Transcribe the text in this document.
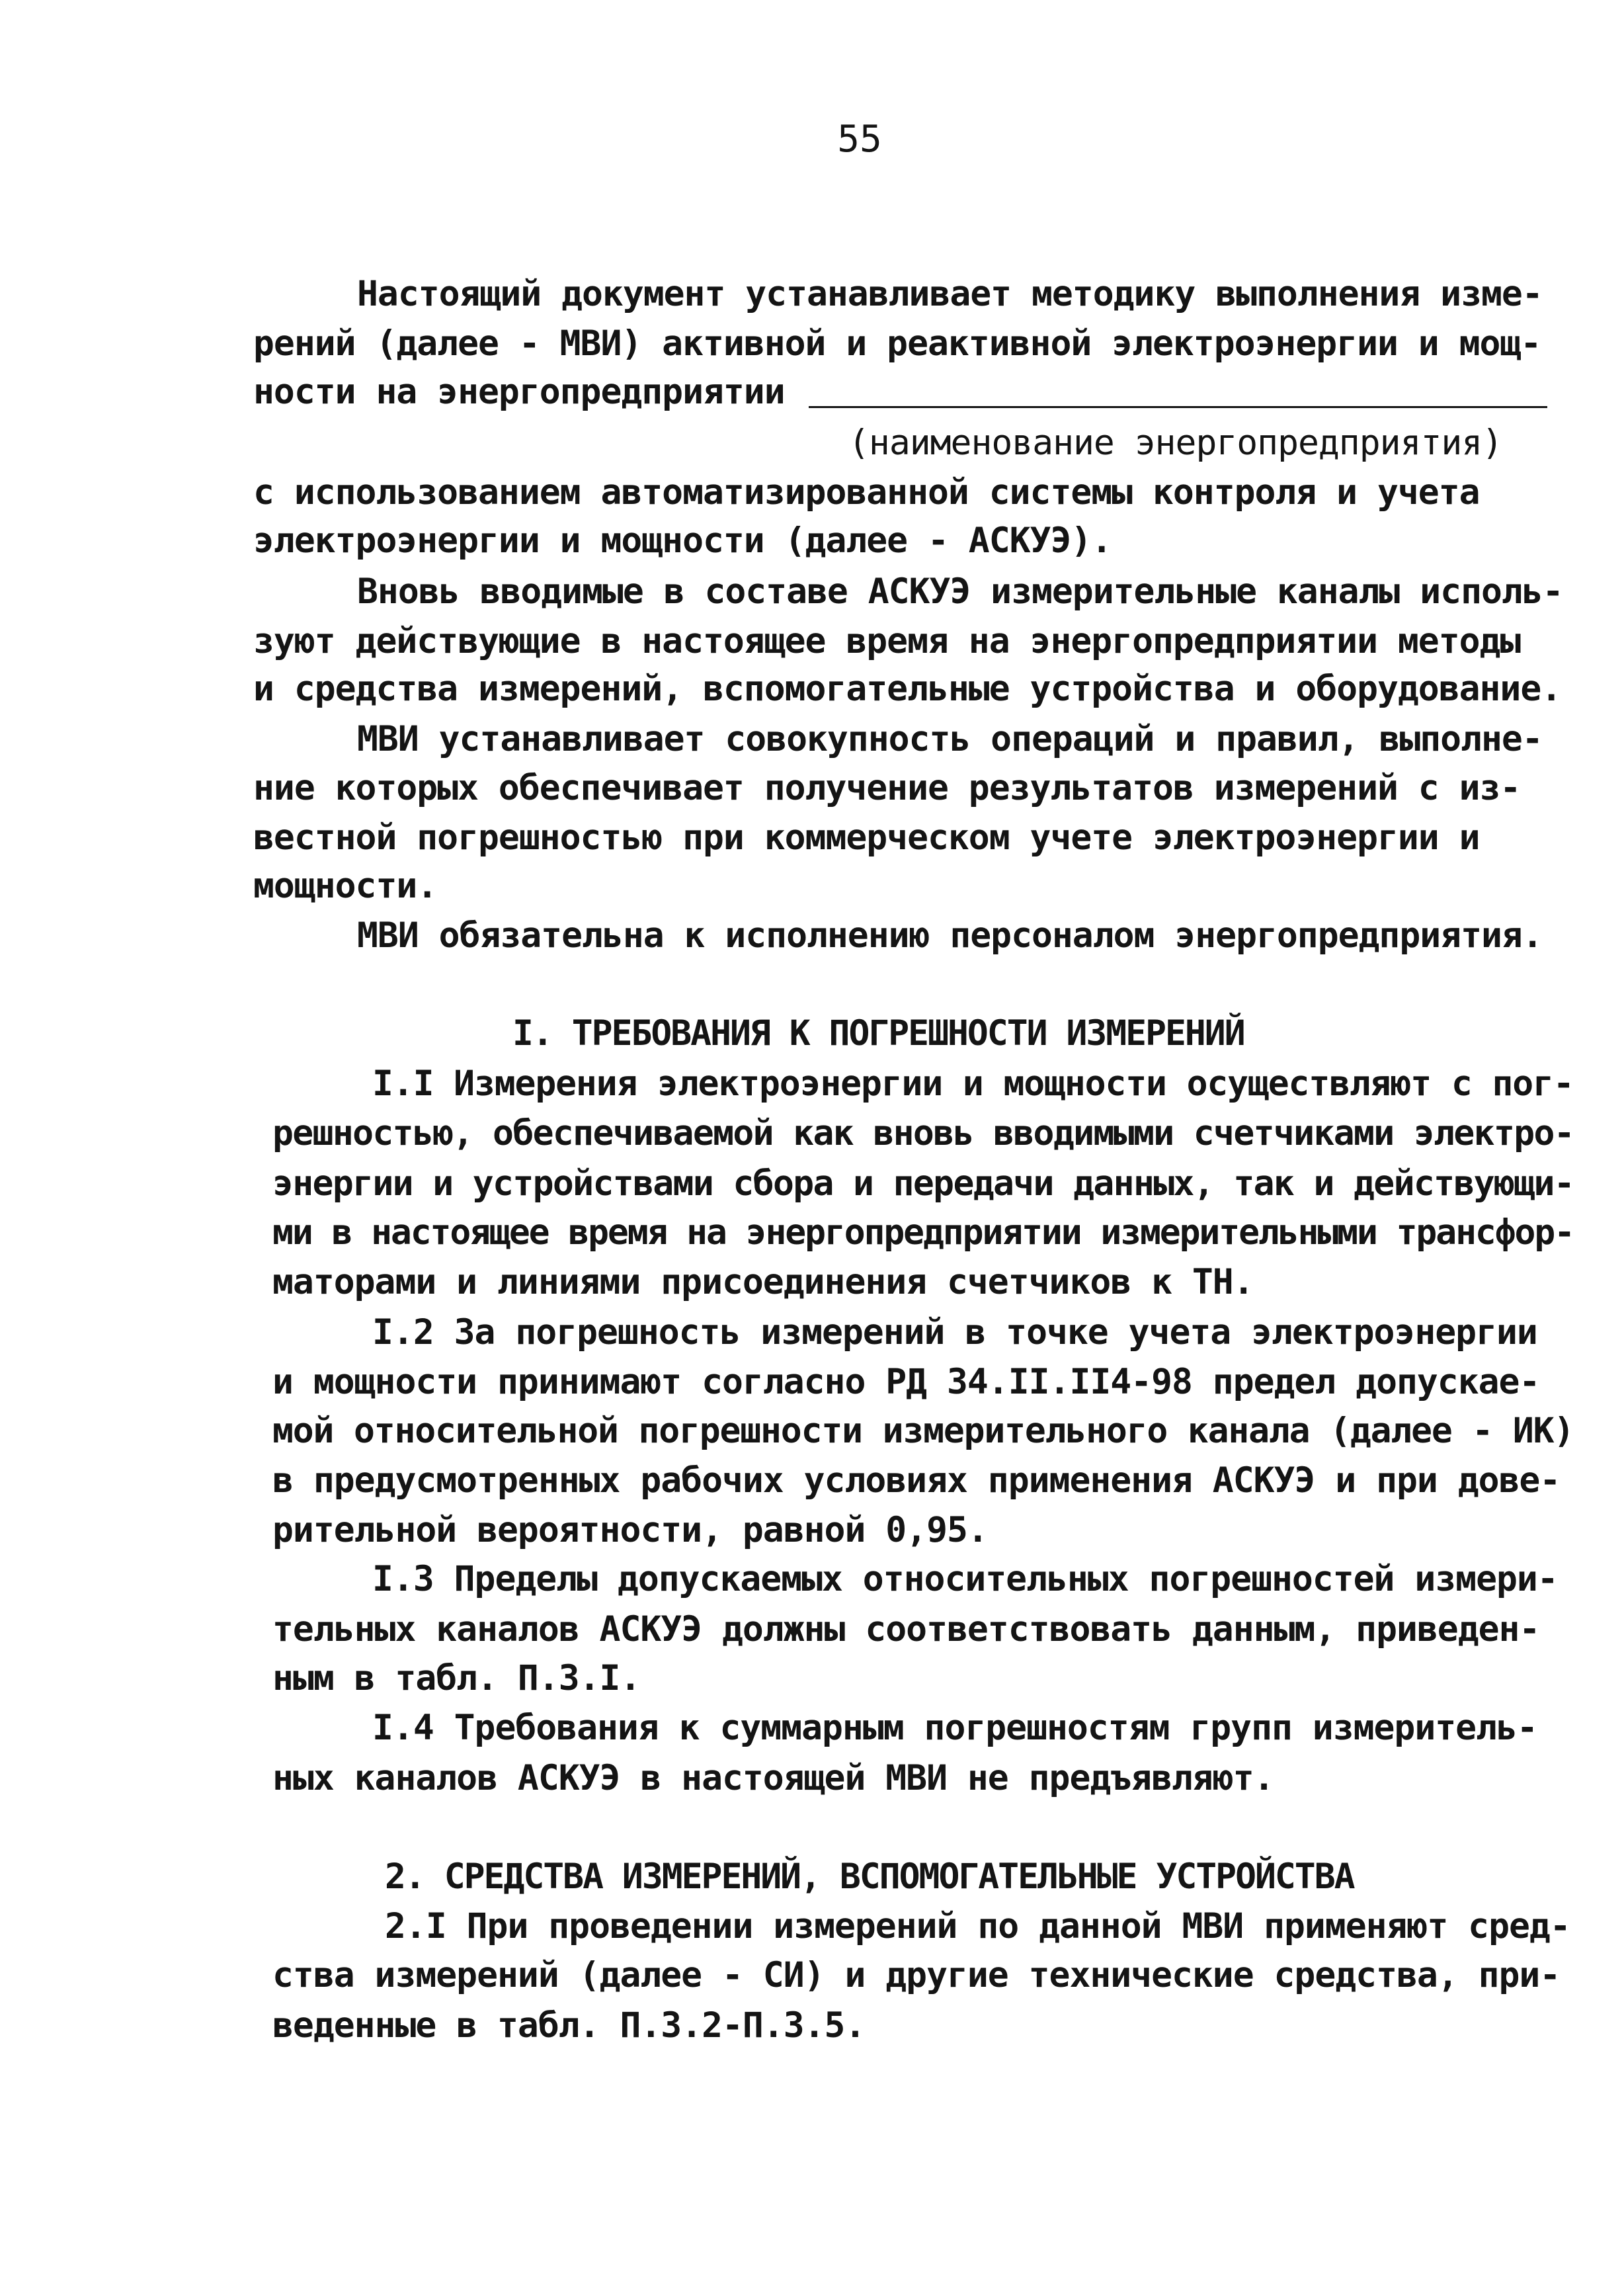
55
Настоящий документ устанавливает методику выполнения изме-
рений (далее - МВИ) активной и реактивной электроэнергии и мощ-
ности на энергопредприятии
(наименование энергопредприятия)
с использованием автоматизированной системы контроля и учета
электроэнергии и мощности (далее - АСКУЭ).
Вновь вводимые в составе АСКУЭ измерительные каналы исполь-
зуют действующие в настоящее время на энергопредприятии методы
и средства измерений, вспомогательные устройства и оборудование.
МВИ устанавливает совокупность операций и правил, выполне-
ние которых обеспечивает получение результатов измерений с из-
вестной погрешностью при коммерческом учете электроэнергии и
мощности.
МВИ обязательна к исполнению персоналом энергопредприятия.
I. ТРЕБОВАНИЯ К ПОГРЕШНОСТИ ИЗМЕРЕНИЙ
I.I Измерения электроэнергии и мощности осуществляют с пог-
решностью, обеспечиваемой как вновь вводимыми счетчиками электро-
энергии и устройствами сбора и передачи данных, так и действующи-
ми в настоящее время на энергопредприятии измерительными трансфор-
маторами и линиями присоединения счетчиков к ТН.
I.2 За погрешность измерений в точке учета электроэнергии
и мощности принимают согласно РД 34.II.II4-98 предел допускае-
мой относительной погрешности измерительного канала (далее - ИК)
в предусмотренных рабочих условиях применения АСКУЭ и при дове-
рительной вероятности, равной 0,95.
I.3 Пределы допускаемых относительных погрешностей измери-
тельных каналов АСКУЭ должны соответствовать данным, приведен-
ным в табл. П.3.I.
I.4 Требования к суммарным погрешностям групп измеритель-
ных каналов АСКУЭ в настоящей МВИ не предъявляют.
2. СРЕДСТВА ИЗМЕРЕНИЙ, ВСПОМОГАТЕЛЬНЫЕ УСТРОЙСТВА
2.I При проведении измерений по данной МВИ применяют сред-
ства измерений (далее - СИ) и другие технические средства, при-
веденные в табл. П.3.2-П.3.5.
